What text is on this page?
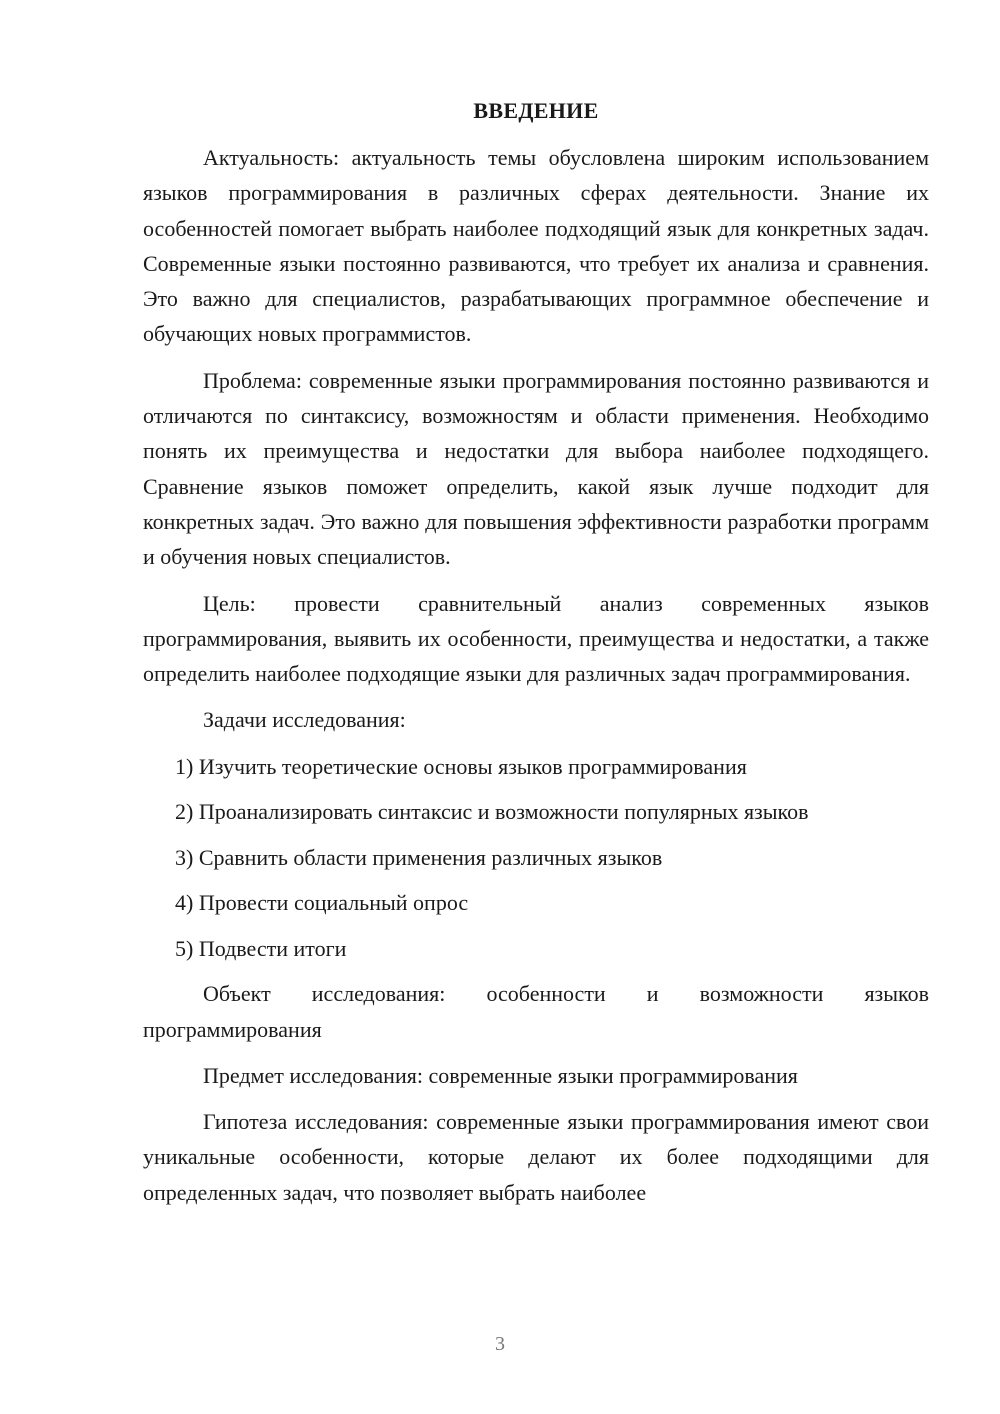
ВВЕДЕНИЕ

Актуальность: актуальность темы обусловлена широким использованием языков программирования в различных сферах деятельности. Знание их особенностей помогает выбрать наиболее подходящий язык для конкретных задач. Современные языки постоянно развиваются, что требует их анализа и сравнения. Это важно для специалистов, разрабатывающих программное обеспечение и обучающих новых программистов.

Проблема: современные языки программирования постоянно развиваются и отличаются по синтаксису, возможностям и области применения. Необходимо понять их преимущества и недостатки для выбора наиболее подходящего. Сравнение языков поможет определить, какой язык лучше подходит для конкретных задач. Это важно для повышения эффективности разработки программ и обучения новых специалистов.

Цель: провести сравнительный анализ современных языков программирования, выявить их особенности, преимущества и недостатки, а также определить наиболее подходящие языки для различных задач программирования.

Задачи исследования:

1) Изучить теоретические основы языков программирования
2) Проанализировать синтаксис и возможности популярных языков
3) Сравнить области применения различных языков
4) Провести социальный опрос
5) Подвести итоги

Объект исследования: особенности и возможности языков программирования

Предмет исследования: современные языки программирования

Гипотеза исследования: современные языки программирования имеют свои уникальные особенности, которые делают их более подходящими для определенных задач, что позволяет выбрать наиболее

3
